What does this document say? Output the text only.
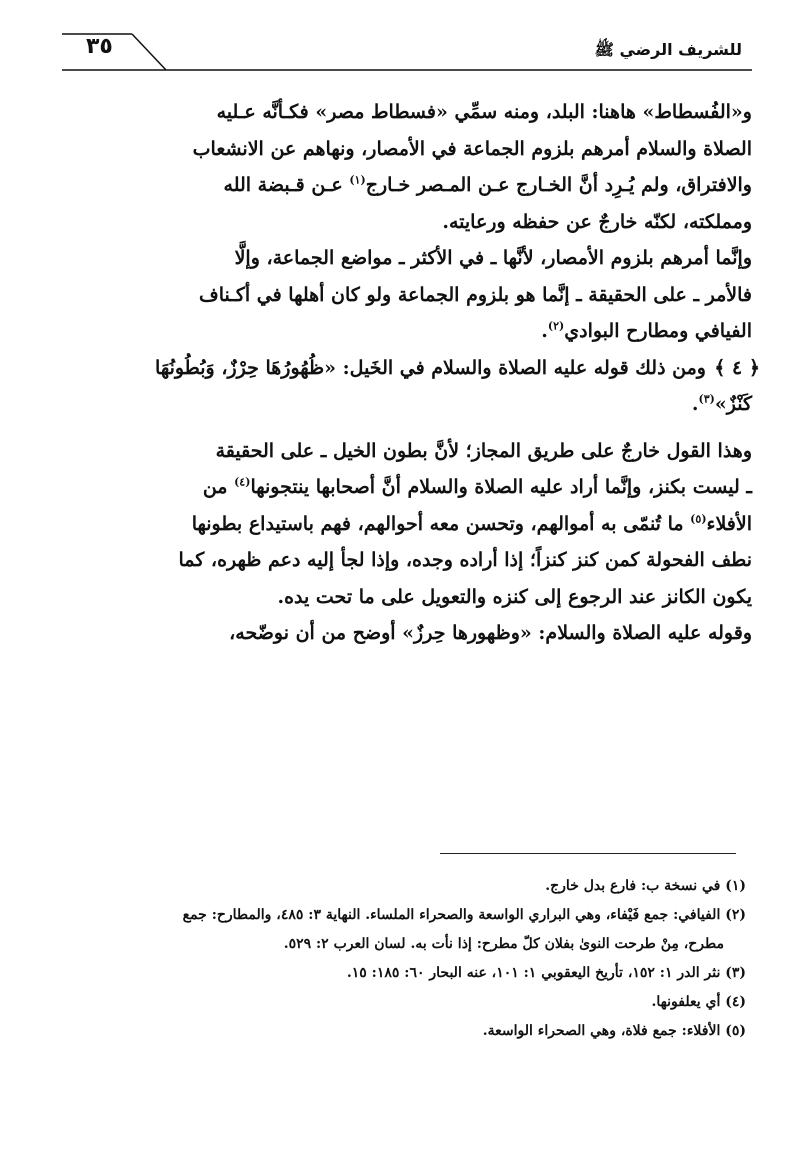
٣٥	للشريف الرضي ﷺ

و«الفُسطاط» هاهنا: البلد، ومنه سمِّي «فسطاط مصر» فكـأنَّه عـليه

الصلاة والسلام أمرهم بلزوم الجماعة في الأمصار، ونهاهم عن الانشعاب

والافتراق، ولم يُـرِد أنَّ الخـارج عـن المـصر خـارج$^{(١)}$ عـن قـبضة الله

ومملكته، لكنّه خارجٌ عن حفظه ورعايته.

وإنَّما أمرهم بلزوم الأمصار، لأنَّها ـ في الأكثر ـ مواضع الجماعة، وإلَّا

فالأمر ـ على الحقيقة ـ إنَّما هو بلزوم الجماعة ولو كان أهلها في أكـناف

الفيافي ومطارح البوادي$^{(٢)}$.

﴿ ٤ ﴾

ومن ذلك قوله عليه الصلاة والسلام في الخَيل: «ظُهُورُهَا حِرْزٌ، وَبُطُونُهَا

كَنْزٌ»$^{(٣)}$.

وهذا القول خارجٌ على طريق المجاز؛ لأنَّ بطون الخيل ـ على الحقيقة

ـ ليست بكنز، وإنَّما أراد عليه الصلاة والسلام أنَّ أصحابها ينتجونها$^{(٤)}$ من

الأفلاء$^{(٥)}$ ما تُنمّى به أموالهم، وتحسن معه أحوالهم، فهم باستيداع بطونها

نطف الفحولة كمن كنز كنزاً؛ إذا أراده وجده، وإذا لجأ إليه دعم ظهره، كما

يكون الكانز عند الرجوع إلى كنزه والتعويل على ما تحت يده.

وقوله عليه الصلاة والسلام: «وظهورها حِرزٌ» أوضح من أن نوضّحه،

(١) في نسخة ب: فارع بدل خارج.

(٢) الفيافي: جمع فَيْفاء، وهي البراري الواسعة والصحراء الملساء. النهاية ٣: ٤٨٥، والمطارح: جمع

مطرح، مِنْ طرحت النوىٰ بفلان كلّ مطرح: إذا نأت به. لسان العرب ٢: ٥٢٩.

(٣) نثر الدر ١: ١٥٢، تأريخ اليعقوبي ١: ١٠١، عنه البحار ٦٠: ١٨٥: ١٥.

(٤) أي يعلفونها.

(٥) الأفلاء: جمع فلاة، وهي الصحراء الواسعة.
